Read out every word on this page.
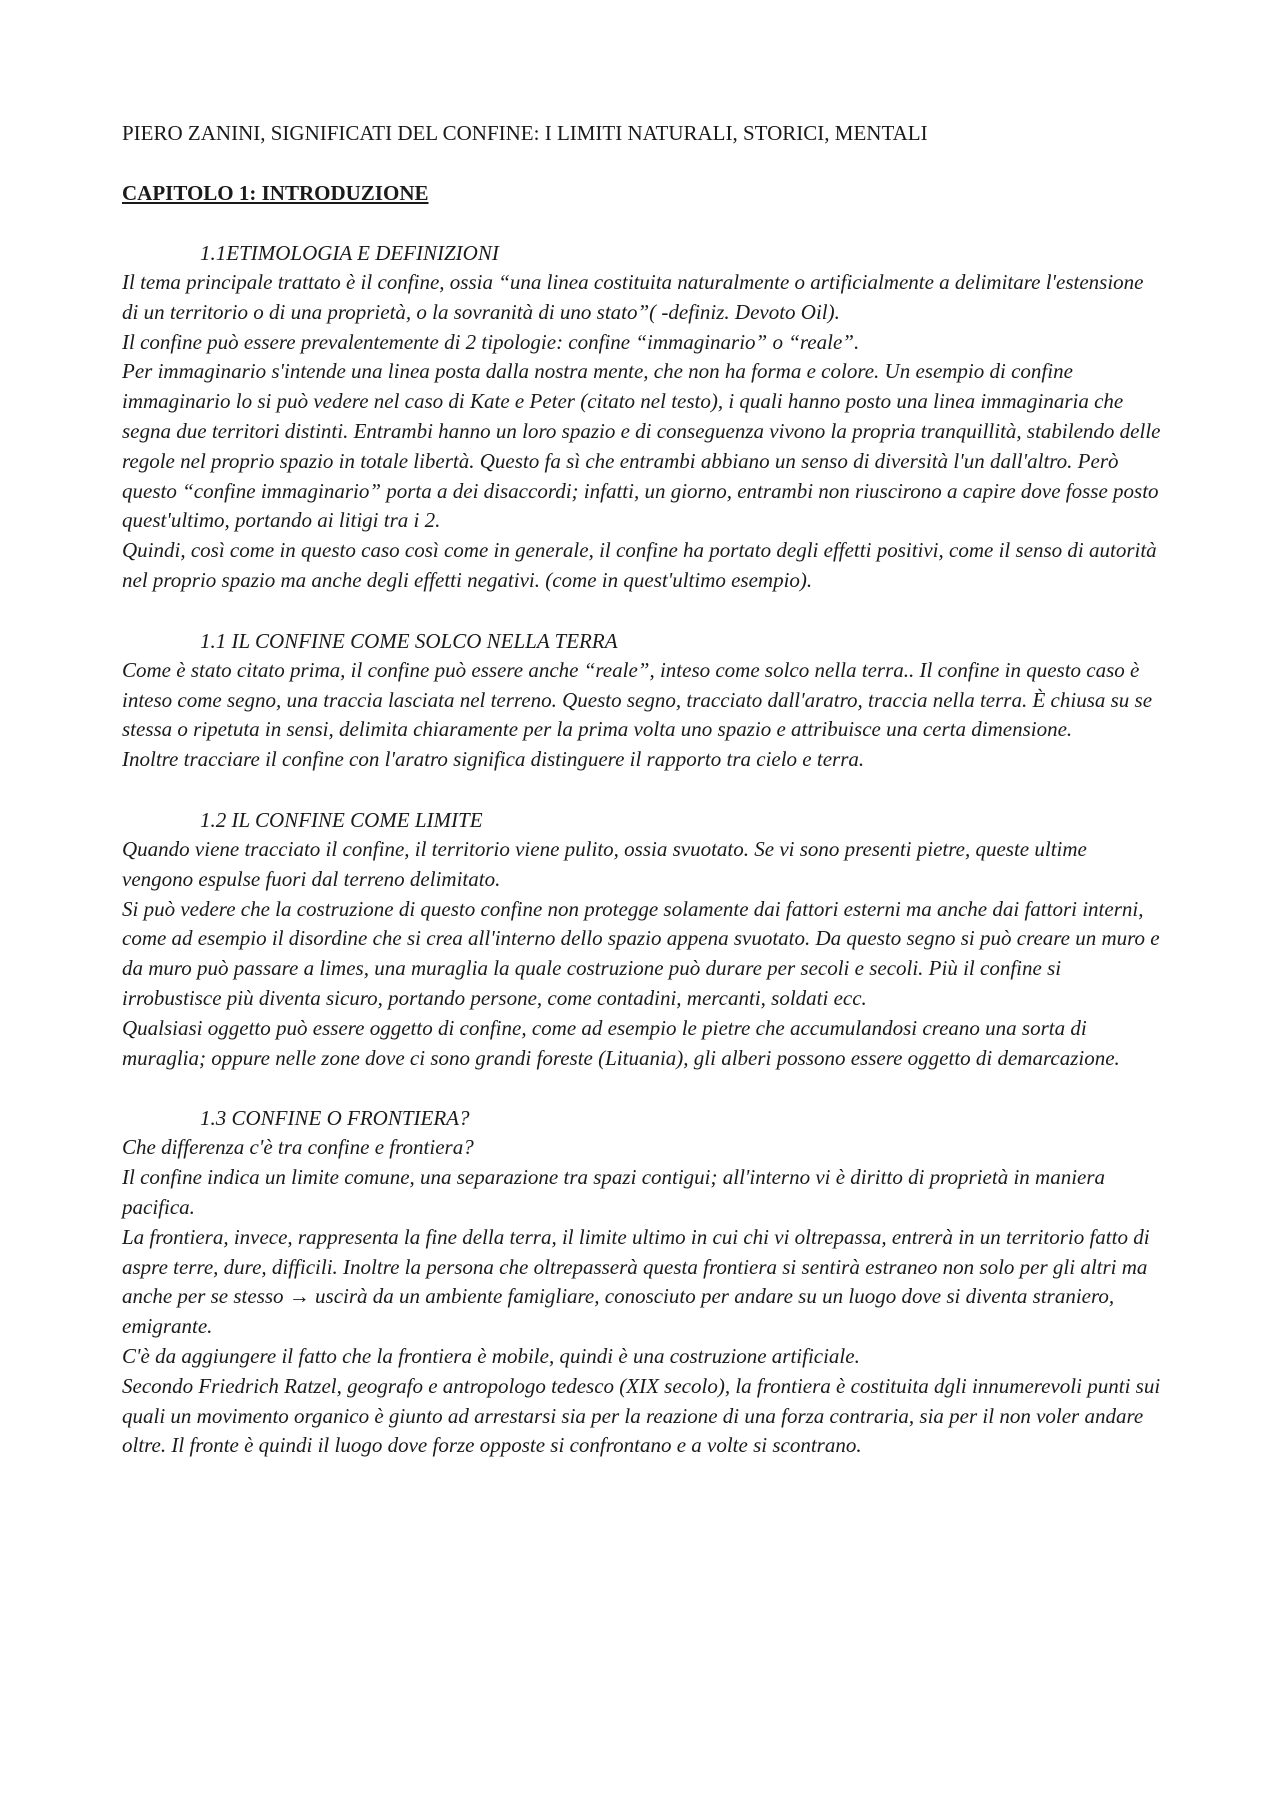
PIERO ZANINI, SIGNIFICATI DEL CONFINE: I LIMITI NATURALI, STORICI, MENTALI
CAPITOLO 1: INTRODUZIONE
1.1ETIMOLOGIA E DEFINIZIONI

Il tema principale trattato è il confine, ossia “una linea costituita naturalmente o artificialmente a delimitare l'estensione di un territorio o di una proprietà, o la sovranità di uno stato”( -definiz. Devoto Oil).

Il confine può essere prevalentemente di 2 tipologie: confine “immaginario” o “reale”.

Per immaginario s'intende una linea posta dalla nostra mente, che non ha forma e colore. Un esempio di confine immaginario lo si può vedere nel caso di Kate e Peter (citato nel testo), i quali hanno posto una linea immaginaria che segna due territori distinti. Entrambi hanno un loro spazio e di conseguenza vivono la propria tranquillità, stabilendo delle regole nel proprio spazio in totale libertà. Questo fa sì che entrambi abbiano un senso di diversità l'un dall'altro. Però questo “confine immaginario” porta a dei disaccordi; infatti, un giorno, entrambi non riuscirono a capire dove fosse posto quest'ultimo, portando ai litigi tra i 2.

Quindi, così come in questo caso così come in generale, il confine ha portato degli effetti positivi, come il senso di autorità nel proprio spazio ma anche degli effetti negativi. (come in quest'ultimo esempio).

1.1 IL CONFINE COME SOLCO NELLA TERRA

Come è stato citato prima, il confine può essere anche “reale”, inteso come solco nella terra.. Il confine in questo caso è inteso come segno, una traccia lasciata nel terreno. Questo segno, tracciato dall'aratro, traccia nella terra. È chiusa su se stessa o ripetuta in sensi, delimita chiaramente per la prima volta uno spazio e attribuisce una certa dimensione.

Inoltre tracciare il confine con l'aratro significa distinguere il rapporto tra cielo e terra.

1.2 IL CONFINE COME LIMITE

Quando viene tracciato il confine, il territorio viene pulito, ossia svuotato. Se vi sono presenti pietre, queste ultime vengono espulse fuori dal terreno delimitato.

Si può vedere che la costruzione di questo confine non protegge solamente dai fattori esterni ma anche dai fattori interni, come ad esempio il disordine che si crea all'interno dello spazio appena svuotato. Da questo segno si può creare un muro e da muro può passare a limes, una muraglia la quale costruzione può durare per secoli e secoli. Più il confine si irrobustisce più diventa sicuro, portando persone, come contadini, mercanti, soldati ecc.

Qualsiasi oggetto può essere oggetto di confine, come ad esempio le pietre che accumulandosi creano una sorta di muraglia; oppure nelle zone dove ci sono grandi foreste (Lituania), gli alberi possono essere oggetto di demarcazione.

1.3 CONFINE O FRONTIERA?

Che differenza c'è tra confine e frontiera?

Il confine indica un limite comune, una separazione tra spazi contigui; all'interno vi è diritto di proprietà in maniera pacifica.

La frontiera, invece, rappresenta la fine della terra, il limite ultimo in cui chi vi oltrepassa, entrerà in un territorio fatto di aspre terre, dure, difficili. Inoltre la persona che oltrepasserà questa frontiera si sentirà estraneo non solo per gli altri ma anche per se stesso → uscirà da un ambiente famigliare, conosciuto per andare su un luogo dove si diventa straniero, emigrante.

C'è da aggiungere il fatto che la frontiera è mobile, quindi è una costruzione artificiale.

Secondo Friedrich Ratzel, geografo e antropologo tedesco (XIX secolo), la frontiera è costituita dgli innumerevoli punti sui quali un movimento organico è giunto ad arrestarsi sia per la reazione di una forza contraria, sia per il non voler andare oltre. Il fronte è quindi il luogo dove forze opposte si confrontano e a volte si scontrano.
